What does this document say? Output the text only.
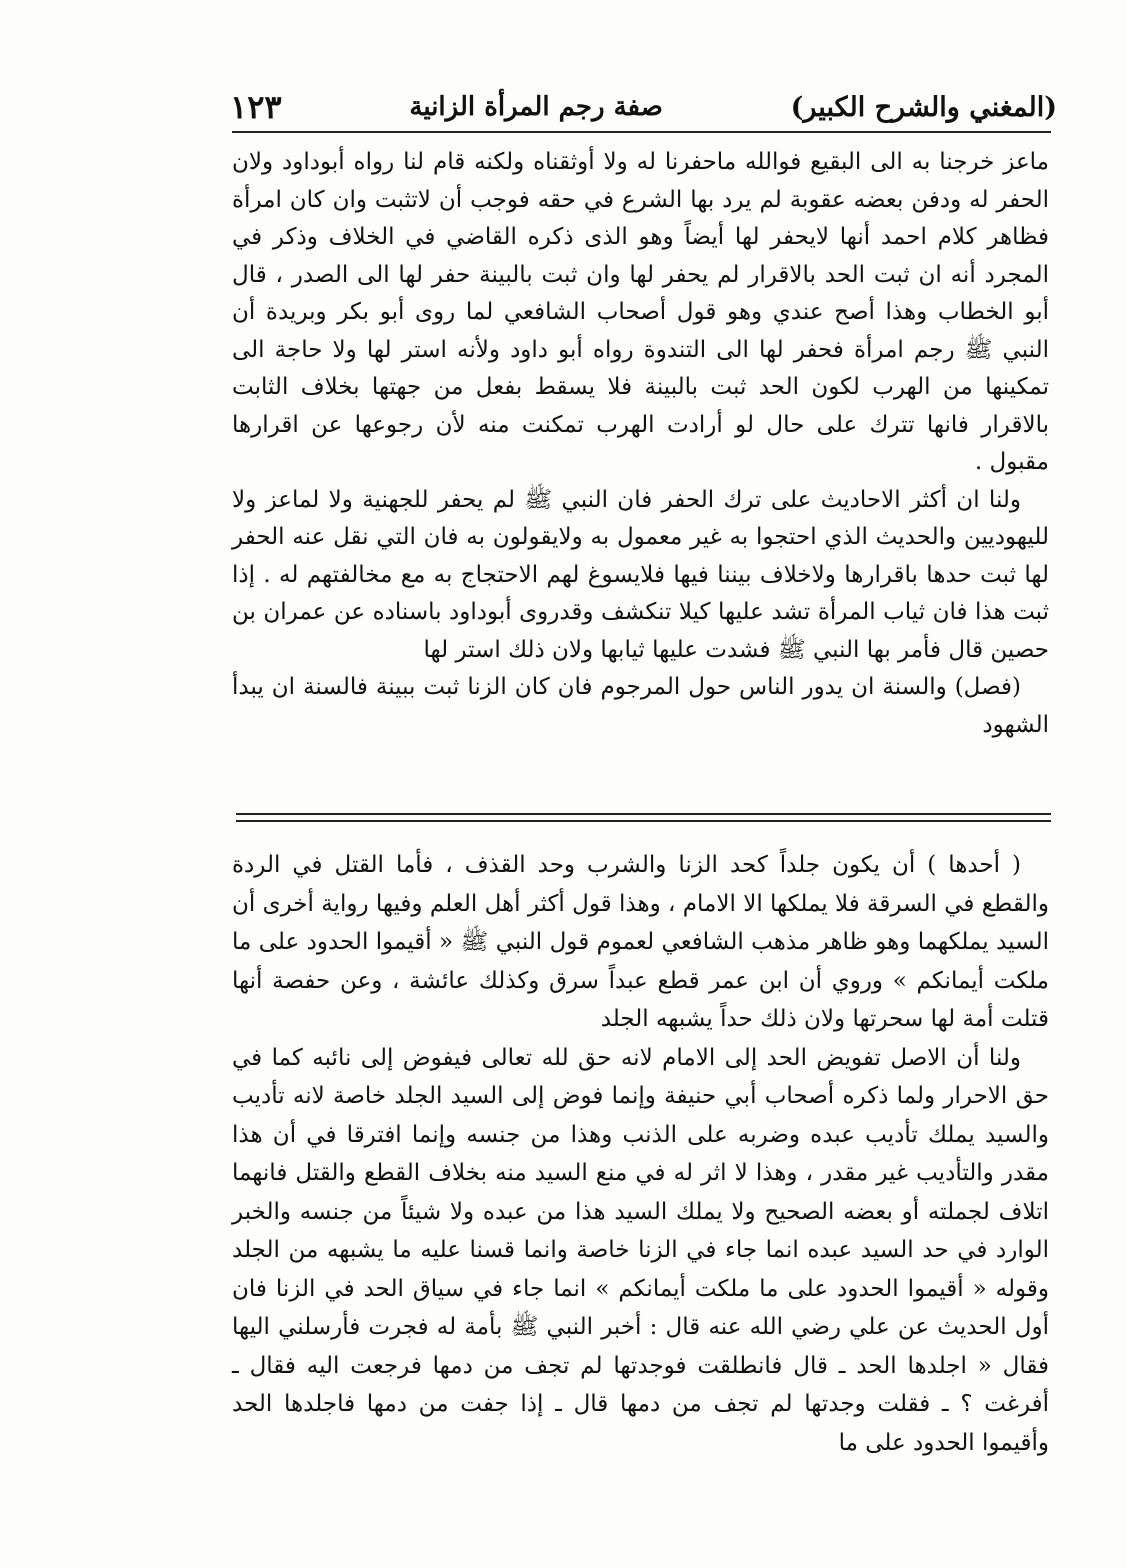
(المغني والشرح الكبير)
صفة رجم المرأة الزانية
١٢٣

ماعز خرجنا به الى البقيع فوالله ماحفرنا له ولا أوثقناه ولكنه قام لنا رواه أبوداود ولان الحفر له ودفن بعضه عقوبة لم يرد بها الشرع في حقه فوجب أن لاتثبت وان كان امرأة فظاهر كلام احمد أنها لايحفر لها أيضاً وهو الذى ذكره القاضي في الخلاف وذكر في المجرد أنه ان ثبت الحد بالاقرار لم يحفر لها وان ثبت بالبينة حفر لها الى الصدر ، قال أبو الخطاب وهذا أصح عندي وهو قول أصحاب الشافعي لما روى أبو بكر وبريدة أن النبي ﷺ رجم امرأة فحفر لها الى التندوة رواه أبو داود ولأنه استر لها ولا حاجة الى تمكينها من الهرب لكون الحد ثبت بالبينة فلا يسقط بفعل من جهتها بخلاف الثابت بالاقرار فانها تترك على حال لو أرادت الهرب تمكنت منه لأن رجوعها عن اقرارها مقبول .

ولنا ان أكثر الاحاديث على ترك الحفر فان النبي ﷺ لم يحفر للجهنية ولا لماعز ولا لليهوديين والحديث الذي احتجوا به غير معمول به ولايقولون به فان التي نقل عنه الحفر لها ثبت حدها باقرارها ولاخلاف بيننا فيها فلايسوغ لهم الاحتجاج به مع مخالفتهم له . إذا ثبت هذا فان ثياب المرأة تشد عليها كيلا تنكشف وقدروى أبوداود باسناده عن عمران بن حصين قال فأمر بها النبي ﷺ فشدت عليها ثيابها ولان ذلك استر لها

(فصل) والسنة ان يدور الناس حول المرجوم فان كان الزنا ثبت ببينة فالسنة ان يبدأ الشهود

( أحدها ) أن يكون جلداً كحد الزنا والشرب وحد القذف ، فأما القتل في الردة والقطع في السرقة فلا يملكها الا الامام ، وهذا قول أكثر أهل العلم وفيها رواية أخرى أن السيد يملكهما وهو ظاهر مذهب الشافعي لعموم قول النبي ﷺ « أقيموا الحدود على ما ملكت أيمانكم » وروي أن ابن عمر قطع عبداً سرق وكذلك عائشة ، وعن حفصة أنها قتلت أمة لها سحرتها ولان ذلك حداً يشبهه الجلد

ولنا أن الاصل تفويض الحد إلى الامام لانه حق لله تعالى فيفوض إلى نائبه كما في حق الاحرار ولما ذكره أصحاب أبي حنيفة وإنما فوض إلى السيد الجلد خاصة لانه تأديب والسيد يملك تأديب عبده وضربه على الذنب وهذا من جنسه وإنما افترقا في أن هذا مقدر والتأديب غير مقدر ، وهذا لا اثر له في منع السيد منه بخلاف القطع والقتل فانهما اتلاف لجملته أو بعضه الصحيح ولا يملك السيد هذا من عبده ولا شيئاً من جنسه والخبر الوارد في حد السيد عبده انما جاء في الزنا خاصة وانما قسنا عليه ما يشبهه من الجلد وقوله « أقيموا الحدود على ما ملكت أيمانكم » انما جاء في سياق الحد في الزنا فان أول الحديث عن علي رضي الله عنه قال : أخبر النبي ﷺ بأمة له فجرت فأرسلني اليها فقال « اجلدها الحد ـ قال فانطلقت فوجدتها لم تجف من دمها فرجعت اليه فقال ـ أفرغت ؟ ـ فقلت وجدتها لم تجف من دمها قال ـ إذا جفت من دمها فاجلدها الحد وأقيموا الحدود على ما
